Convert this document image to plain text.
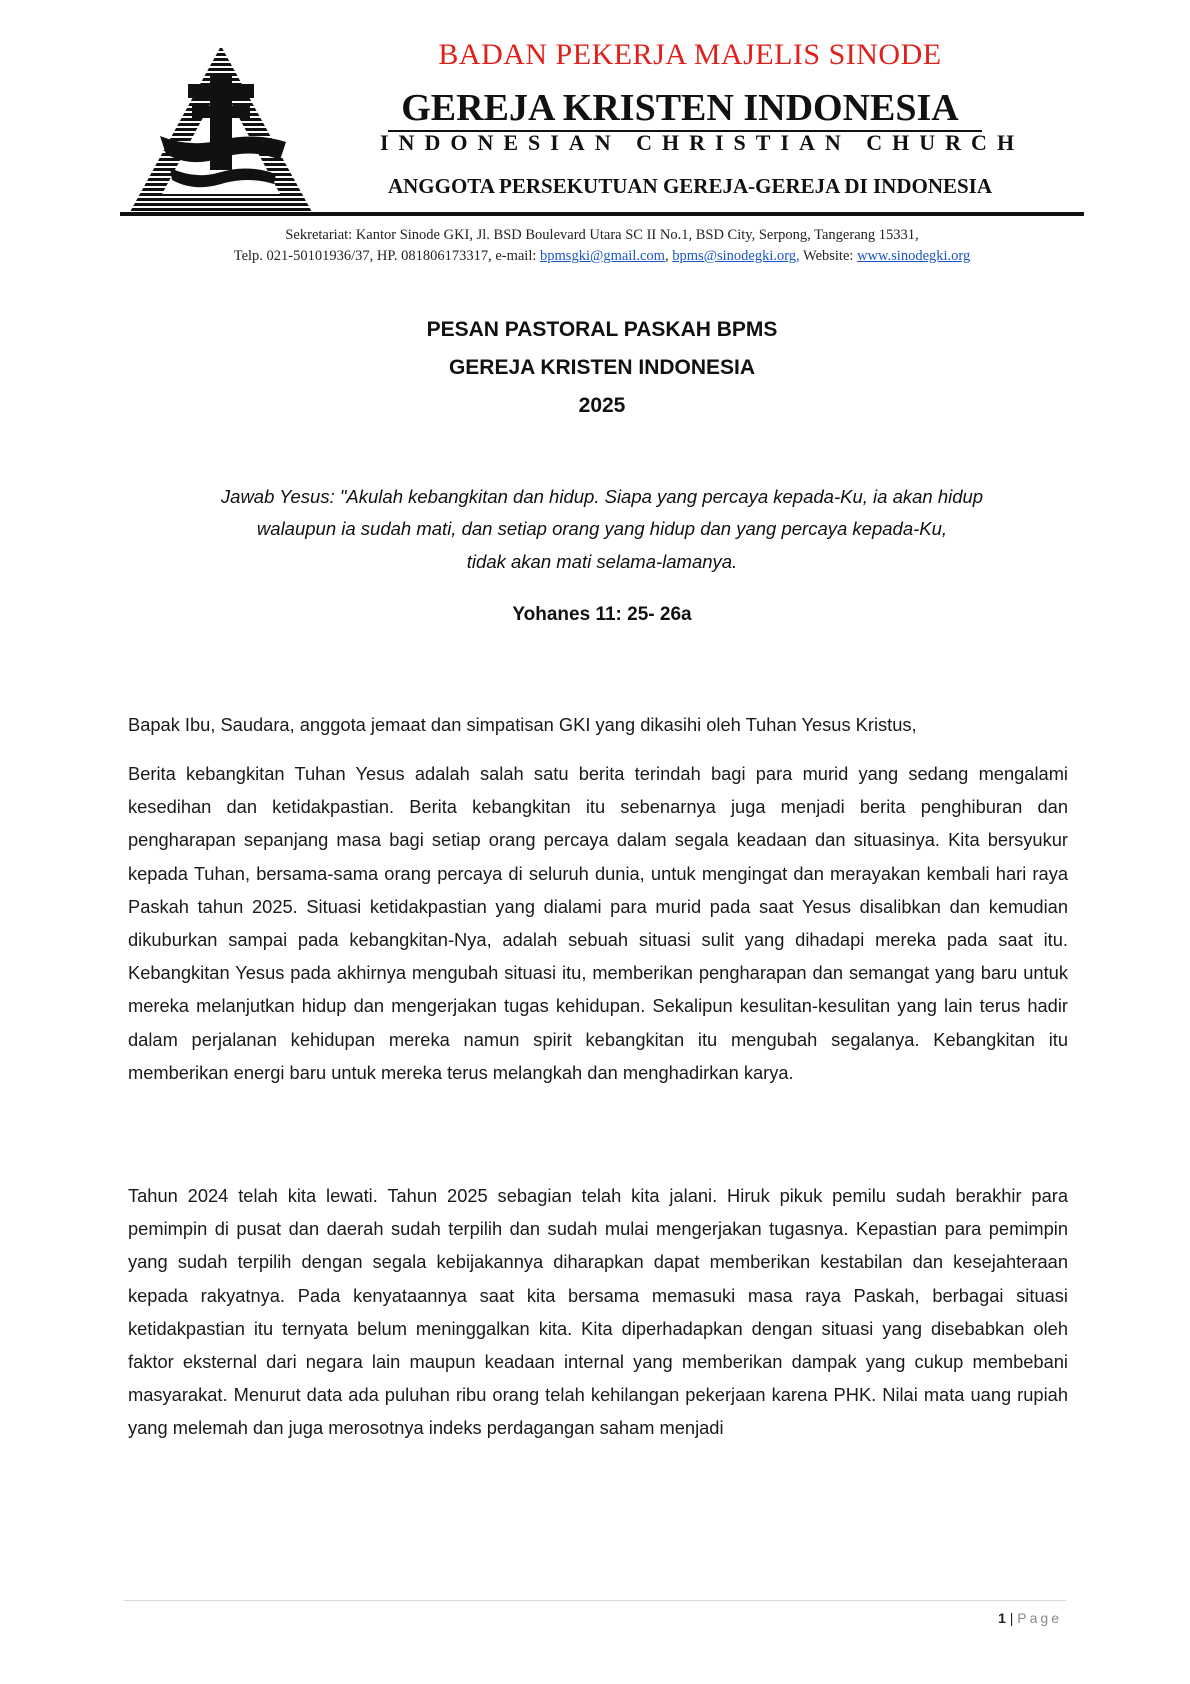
BADAN PEKERJA MAJELIS SINODE
GEREJA KRISTEN INDONESIA
INDONESIAN CHRISTIAN CHURCH
ANGGOTA PERSEKUTUAN GEREJA-GEREJA DI INDONESIA
Sekretariat: Kantor Sinode GKI, Jl. BSD Boulevard Utara SC II No.1, BSD City, Serpong, Tangerang 15331,
Telp. 021-50101936/37, HP. 081806173317, e-mail: bpmsgki@gmail.com, bpms@sinodegki.org, Website: www.sinodegki.org
PESAN PASTORAL PASKAH BPMS
GEREJA KRISTEN INDONESIA
2025
Jawab Yesus: "Akulah kebangkitan dan hidup. Siapa yang percaya kepada-Ku, ia akan hidup
walaupun ia sudah mati, dan setiap orang yang hidup dan yang percaya kepada-Ku,
tidak akan mati selama-lamanya.
Yohanes 11: 25- 26a

Bapak Ibu, Saudara, anggota jemaat dan simpatisan GKI yang dikasihi oleh Tuhan Yesus Kristus,

Berita kebangkitan Tuhan Yesus adalah salah satu berita terindah bagi para murid yang sedang mengalami kesedihan dan ketidakpastian. Berita kebangkitan itu sebenarnya juga menjadi berita penghiburan dan pengharapan sepanjang masa bagi setiap orang percaya dalam segala keadaan dan situasinya. Kita bersyukur kepada Tuhan, bersama-sama orang percaya di seluruh dunia, untuk mengingat dan merayakan kembali hari raya Paskah tahun 2025. Situasi ketidakpastian yang dialami para murid pada saat Yesus disalibkan dan kemudian dikuburkan sampai pada kebangkitan-Nya, adalah sebuah situasi sulit yang dihadapi mereka pada saat itu. Kebangkitan Yesus pada akhirnya mengubah situasi itu, memberikan pengharapan dan semangat yang baru untuk mereka melanjutkan hidup dan mengerjakan tugas kehidupan. Sekalipun kesulitan-kesulitan yang lain terus hadir dalam perjalanan kehidupan mereka namun spirit kebangkitan itu mengubah segalanya. Kebangkitan itu memberikan energi baru untuk mereka terus melangkah dan menghadirkan karya.

Tahun 2024 telah kita lewati. Tahun 2025 sebagian telah kita jalani. Hiruk pikuk pemilu sudah berakhir para pemimpin di pusat dan daerah sudah terpilih dan sudah mulai mengerjakan tugasnya. Kepastian para pemimpin yang sudah terpilih dengan segala kebijakannya diharapkan dapat memberikan kestabilan dan kesejahteraan kepada rakyatnya. Pada kenyataannya saat kita bersama memasuki masa raya Paskah, berbagai situasi ketidakpastian itu ternyata belum meninggalkan kita. Kita diperhadapkan dengan situasi yang disebabkan oleh faktor eksternal dari negara lain maupun keadaan internal yang memberikan dampak yang cukup membebani masyarakat. Menurut data ada puluhan ribu orang telah kehilangan pekerjaan karena PHK. Nilai mata uang rupiah yang melemah dan juga merosotnya indeks perdagangan saham menjadi

1 | Page
